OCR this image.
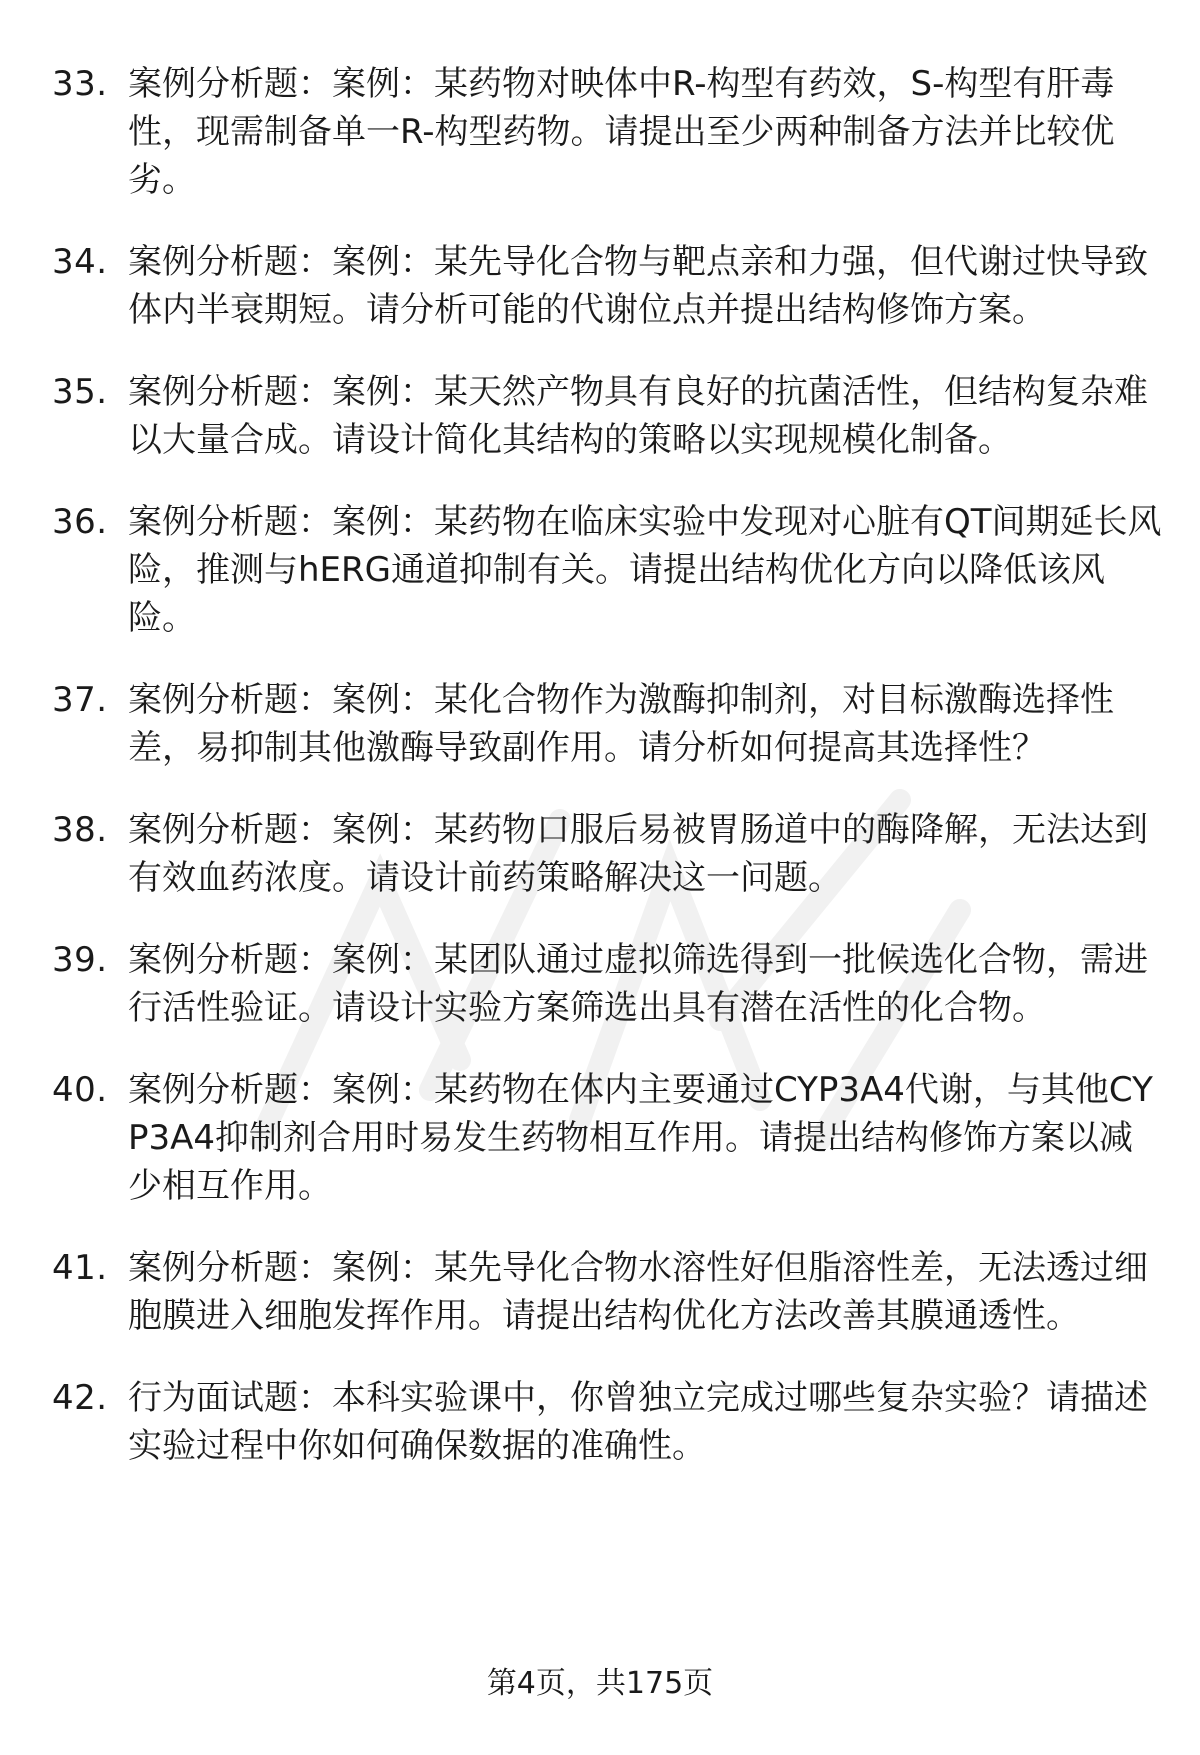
33. 案例分析题：案例：某药物对映体中R-构型有药效，S-构型有肝毒性，现需制备单一R-构型药物。请提出至少两种制备方法并比较优劣。
34. 案例分析题：案例：某先导化合物与靶点亲和力强，但代谢过快导致体内半衰期短。请分析可能的代谢位点并提出结构修饰方案。
35. 案例分析题：案例：某天然产物具有良好的抗菌活性，但结构复杂难以大量合成。请设计简化其结构的策略以实现规模化制备。
36. 案例分析题：案例：某药物在临床实验中发现对心脏有QT间期延长风险，推测与hERG通道抑制有关。请提出结构优化方向以降低该风险。
37. 案例分析题：案例：某化合物作为激酶抑制剂，对目标激酶选择性差，易抑制其他激酶导致副作用。请分析如何提高其选择性？
38. 案例分析题：案例：某药物口服后易被胃肠道中的酶降解，无法达到有效血药浓度。请设计前药策略解决这一问题。
39. 案例分析题：案例：某团队通过虚拟筛选得到一批候选化合物，需进行活性验证。请设计实验方案筛选出具有潜在活性的化合物。
40. 案例分析题：案例：某药物在体内主要通过CYP3A4代谢，与其他CYP3A4抑制剂合用时易发生药物相互作用。请提出结构修饰方案以减少相互作用。
41. 案例分析题：案例：某先导化合物水溶性好但脂溶性差，无法透过细胞膜进入细胞发挥作用。请提出结构优化方法改善其膜通透性。
42. 行为面试题：本科实验课中，你曾独立完成过哪些复杂实验？请描述实验过程中你如何确保数据的准确性。
第4页，共175页
